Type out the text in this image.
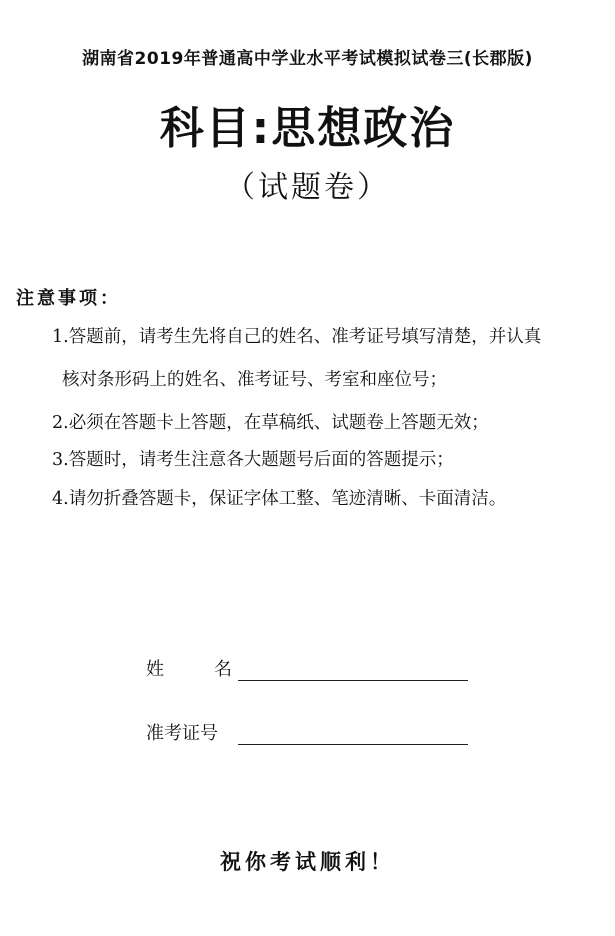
湖南省2019年普通高中学业水平考试模拟试卷三(长郡版)
科目:思想政治
（试题卷）
注意事项：
1.答题前，请考生先将自己的姓名、准考证号填写清楚，并认真
核对条形码上的姓名、准考证号、考室和座位号；
2.必须在答题卡上答题，在草稿纸、试题卷上答题无效；
3.答题时，请考生注意各大题题号后面的答题提示；
4.请勿折叠答题卡，保证字体工整、笔迹清晰、卡面清洁。
姓名
准考证号
祝你考试顺利！
